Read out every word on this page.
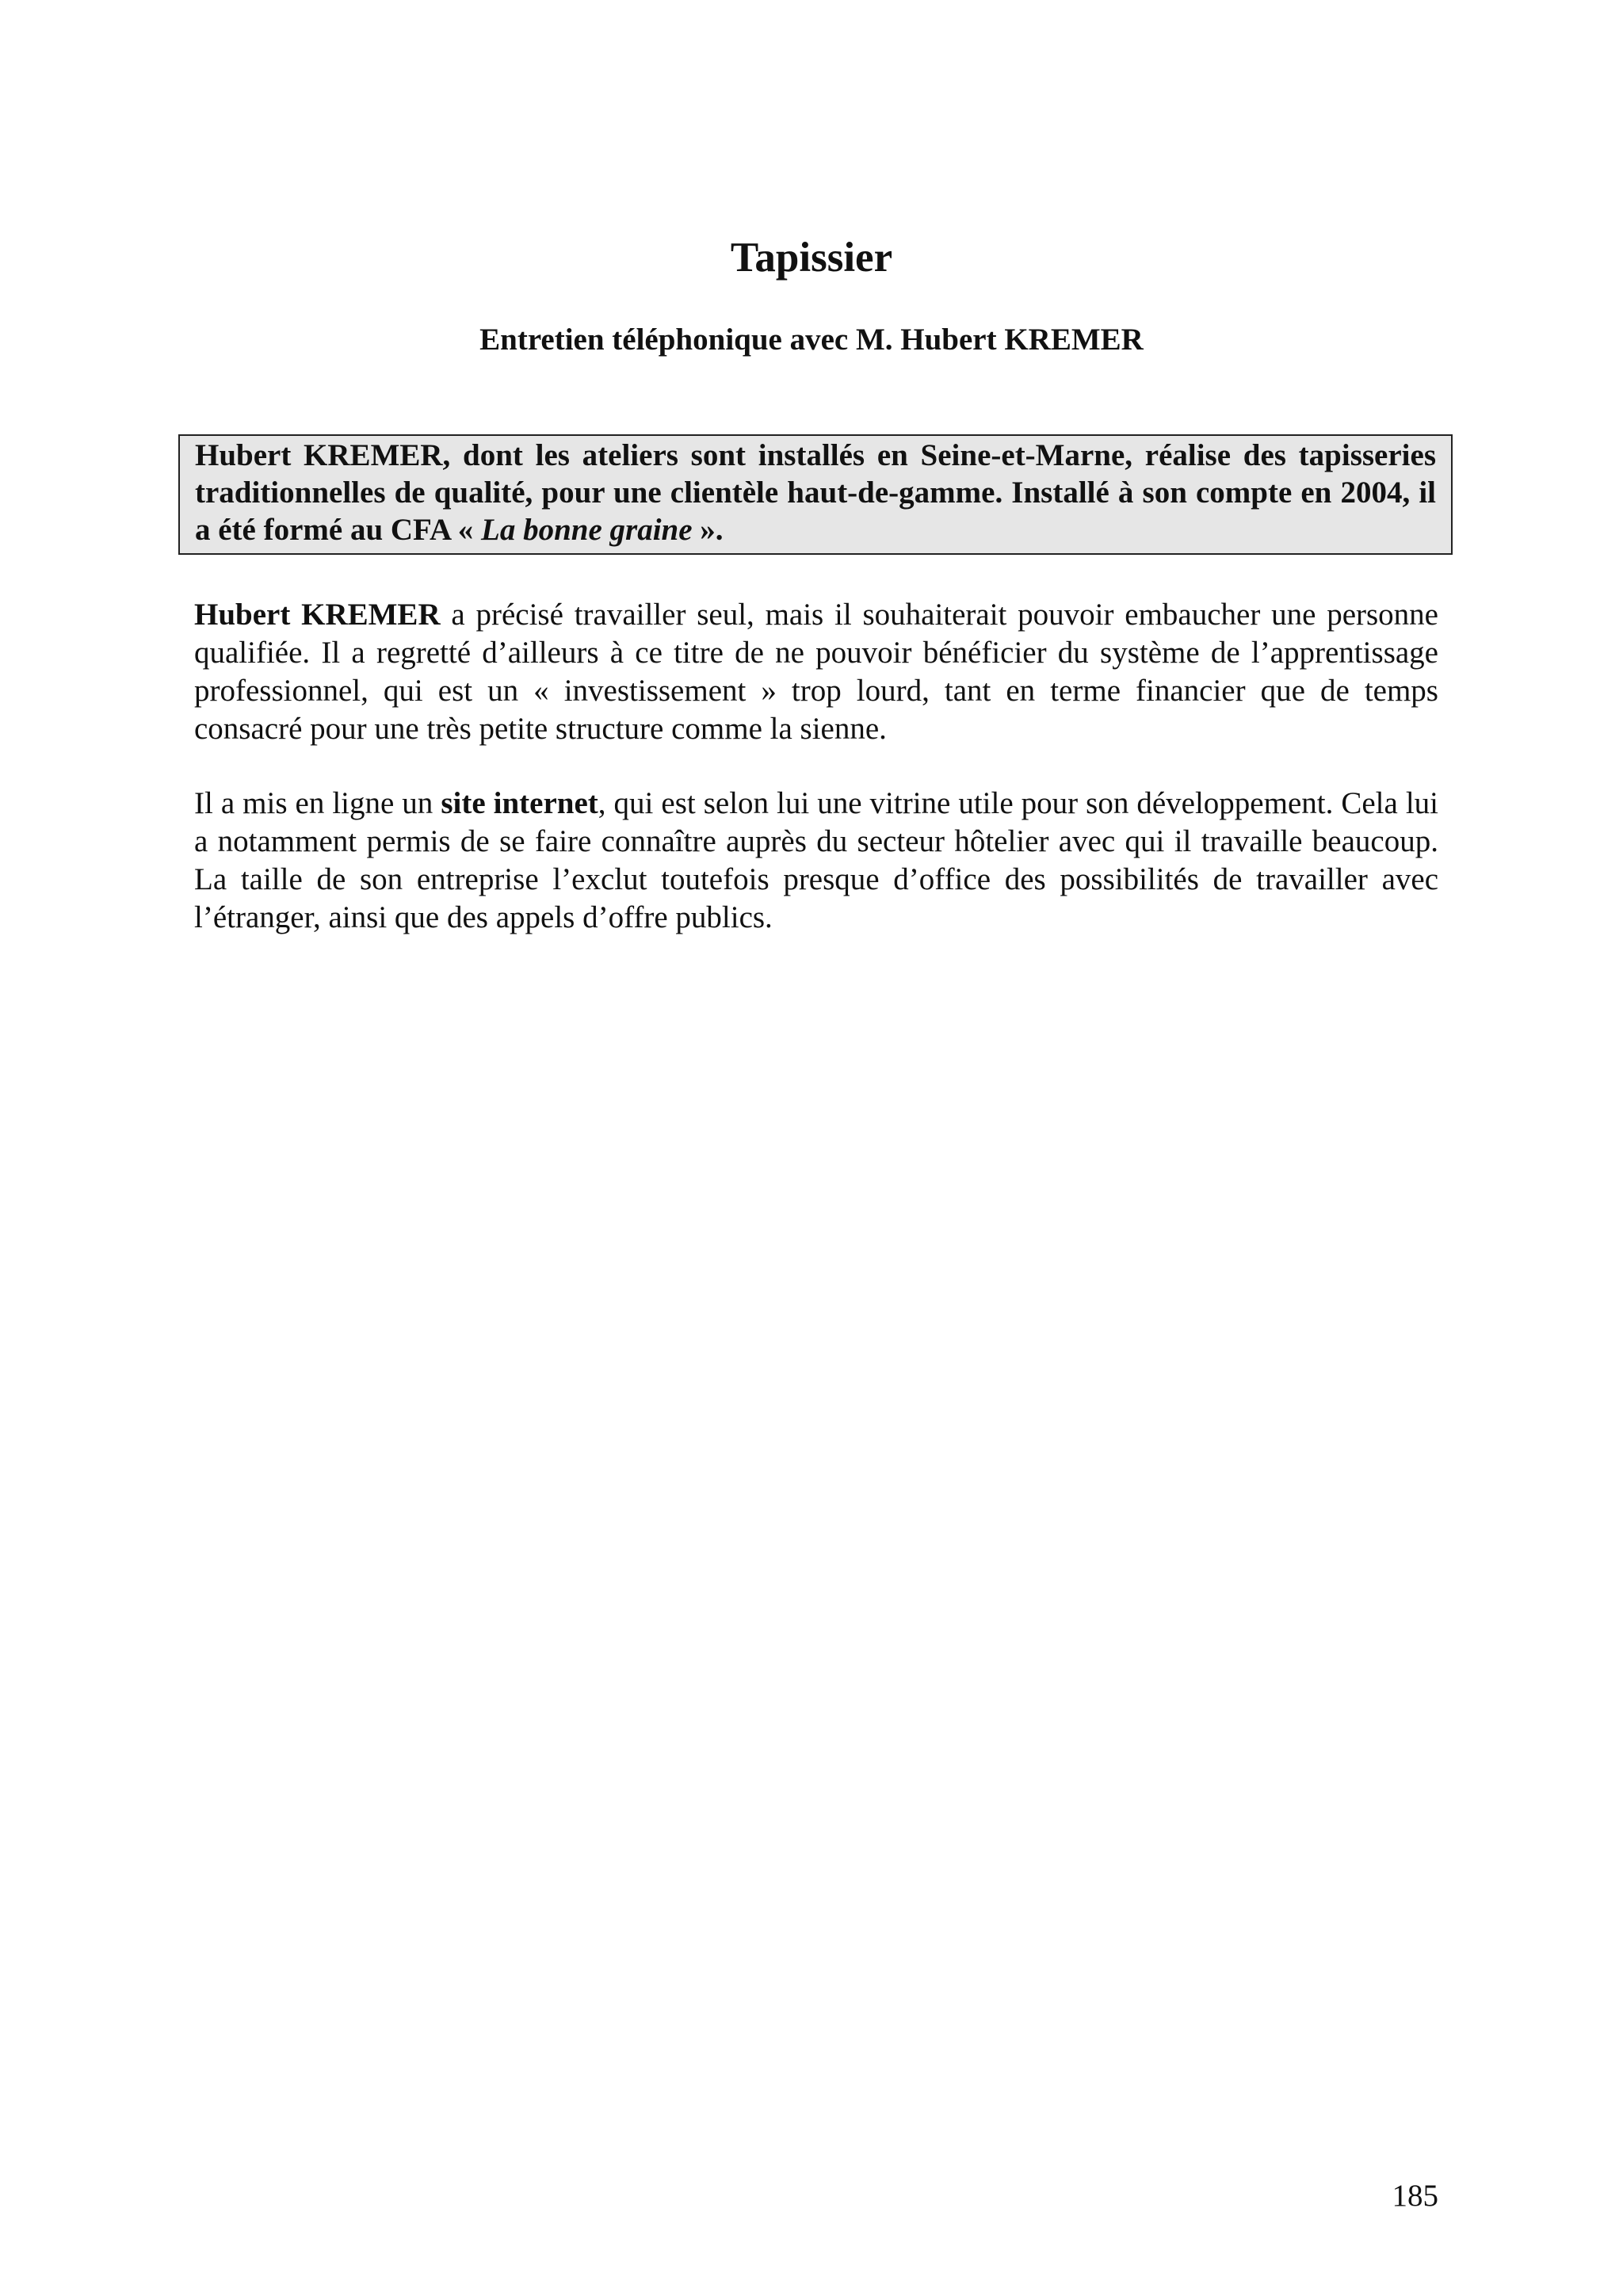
Tapissier
Entretien téléphonique avec M. Hubert KREMER
Hubert KREMER, dont les ateliers sont installés en Seine-et-Marne, réalise des tapisseries traditionnelles de qualité, pour une clientèle haut-de-gamme. Installé à son compte en 2004, il a été formé au CFA « La bonne graine ».
Hubert KREMER a précisé travailler seul, mais il souhaiterait pouvoir embaucher une personne qualifiée. Il a regretté d’ailleurs à ce titre de ne pouvoir bénéficier du système de l’apprentissage professionnel, qui est un « investissement » trop lourd, tant en terme financier que de temps consacré pour une très petite structure comme la sienne.
Il a mis en ligne un site internet, qui est selon lui une vitrine utile pour son développement. Cela lui a notamment permis de se faire connaître auprès du secteur hôtelier avec qui il travaille beaucoup. La taille de son entreprise l’exclut toutefois presque d’office des possibilités de travailler avec l’étranger, ainsi que des appels d’offre publics.
185
